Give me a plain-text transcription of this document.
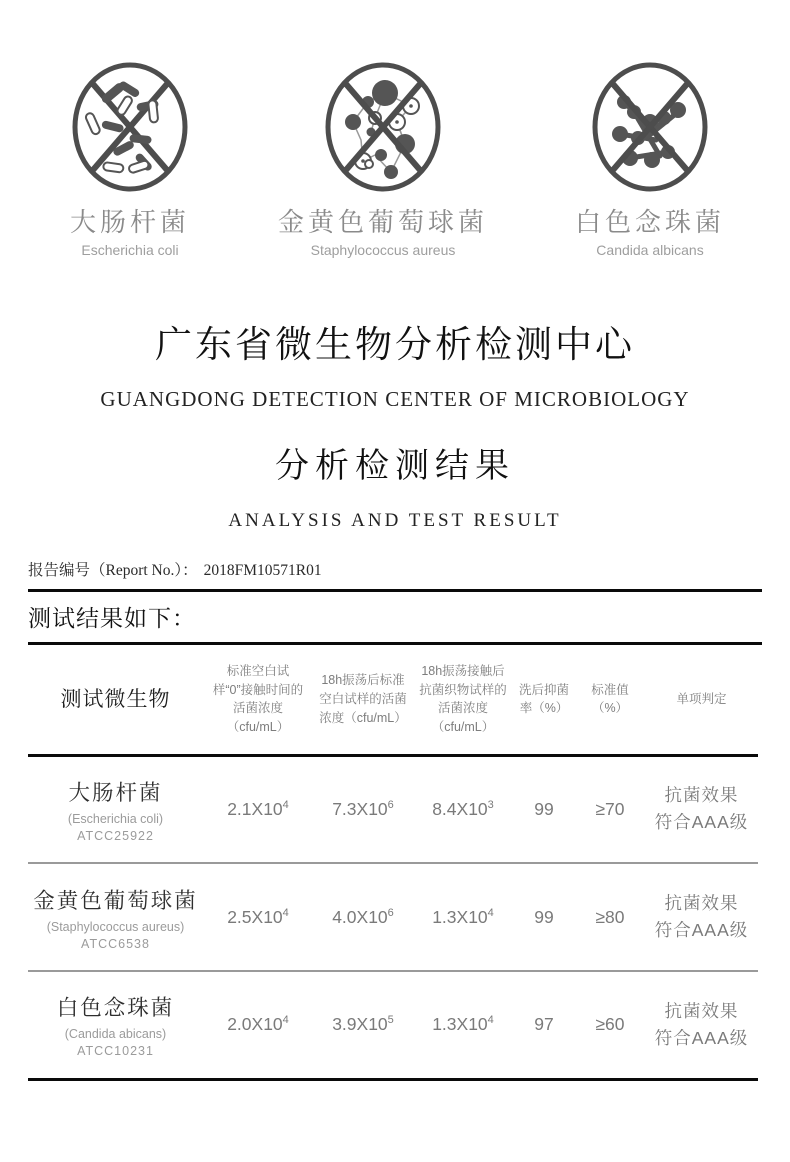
大肠杆菌
Escherichia coli
金黄色葡萄球菌
Staphylococcus aureus
白色念珠菌
Candida albicans
广东省微生物分析检测中心
GUANGDONG DETECTION CENTER OF MICROBIOLOGY
分析检测结果
ANALYSIS AND TEST RESULT
报告编号（Report No.）： 2018FM10571R01
测试结果如下：
测试微生物	标准空白试样“0”接触时间的活菌浓度（cfu/mL）	18h振荡后标准空白试样的活菌浓度（cfu/mL）	18h振荡接触后抗菌织物试样的活菌浓度（cfu/mL）	洗后抑菌率（%）	标准值（%）	单项判定

大肠杆菌
(Escherichia coli)
ATCC25922	$2.1X10^4$	$7.3X10^6$	$8.4X10^3$	99	≥70	抗菌效果
符合AAA级

金黄色葡萄球菌
(Staphylococcus aureus)
ATCC6538	$2.5X10^4$	$4.0X10^6$	$1.3X10^4$	99	≥80	抗菌效果
符合AAA级

白色念珠菌
(Candida abicans)
ATCC10231	$2.0X10^4$	$3.9X10^5$	$1.3X10^4$	97	≥60	抗菌效果
符合AAA级
